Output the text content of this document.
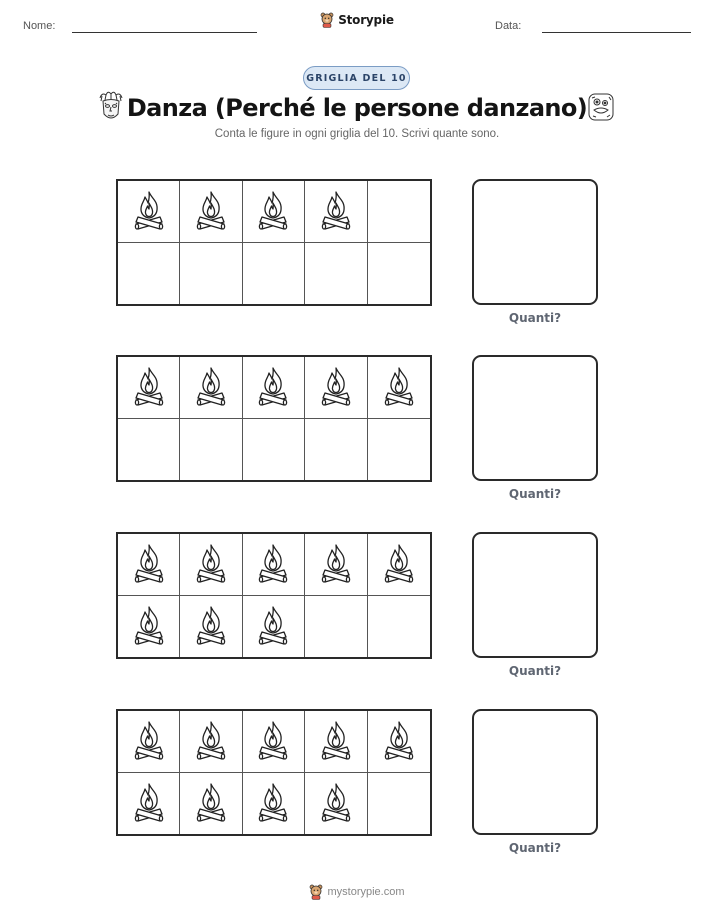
Nome:	Storypie	Data:
GRIGLIA DEL 10
Danza (Perché le persone danzano)
Conta le figure in ogni griglia del 10. Scrivi quante sono.
Quanti?
Quanti?
Quanti?
Quanti?
mystorypie.com
